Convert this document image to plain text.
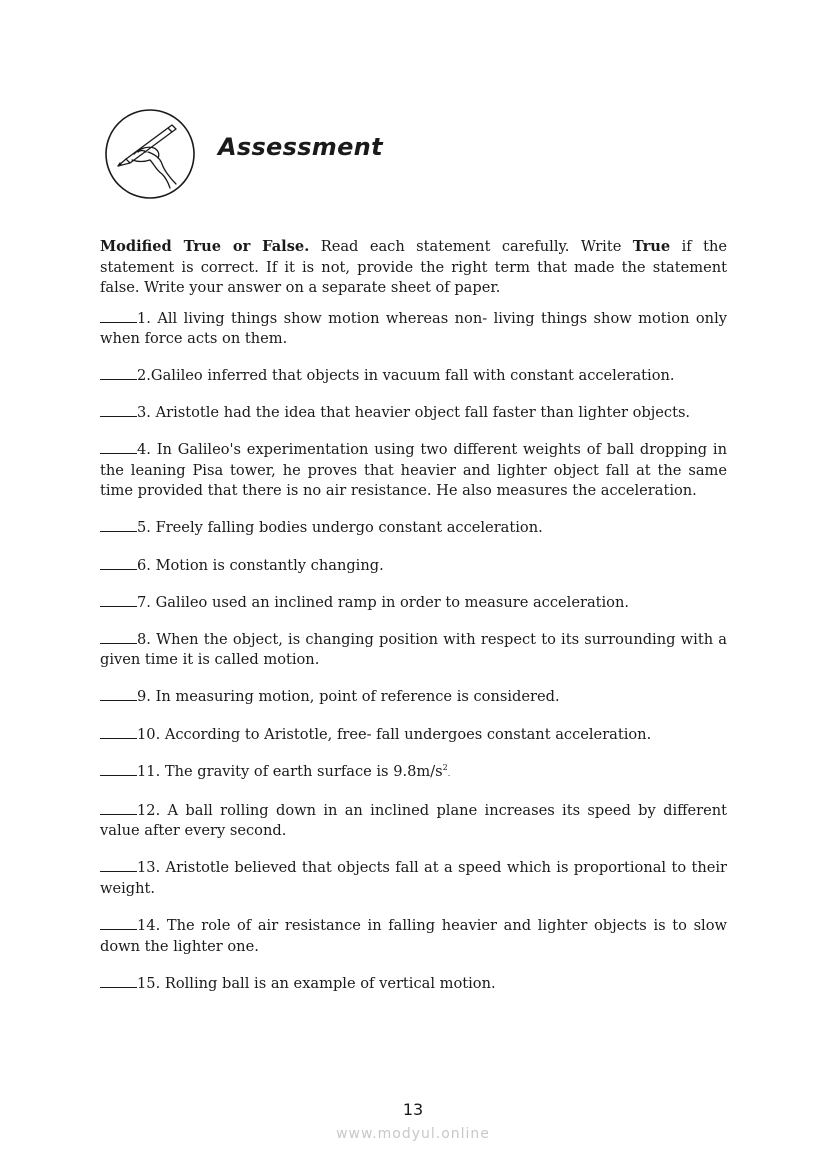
Assessment

Modified True or False. Read each statement carefully. Write True if the statement is correct. If it is not, provide the right term that made the statement false. Write your answer on a separate sheet of paper.

1. All living things show motion whereas non- living things show motion only when force acts on them.

2.Galileo inferred that objects in vacuum fall with constant acceleration.

3. Aristotle had the idea that heavier object fall faster than lighter objects.

4. In Galileo's experimentation using two different weights of ball dropping in the leaning Pisa tower, he proves that heavier and lighter object fall at the same time provided that there is no air resistance. He also measures the acceleration.

5. Freely falling bodies undergo constant acceleration.

6. Motion is constantly changing.

7. Galileo used an inclined ramp in order to measure acceleration.

8. When the object, is changing position with respect to its surrounding with a given time it is called motion.

9. In measuring motion, point of reference is considered.

10. According to Aristotle, free- fall undergoes constant acceleration.

11. The gravity of earth surface is $9.8m/s^2$.

12. A ball rolling down in an inclined plane increases its speed by different value after every second.

13. Aristotle believed that objects fall at a speed which is proportional to their weight.

14. The role of air resistance in falling heavier and lighter objects is to slow down the lighter one.

15. Rolling ball is an example of vertical motion.

13
www.modyul.online
